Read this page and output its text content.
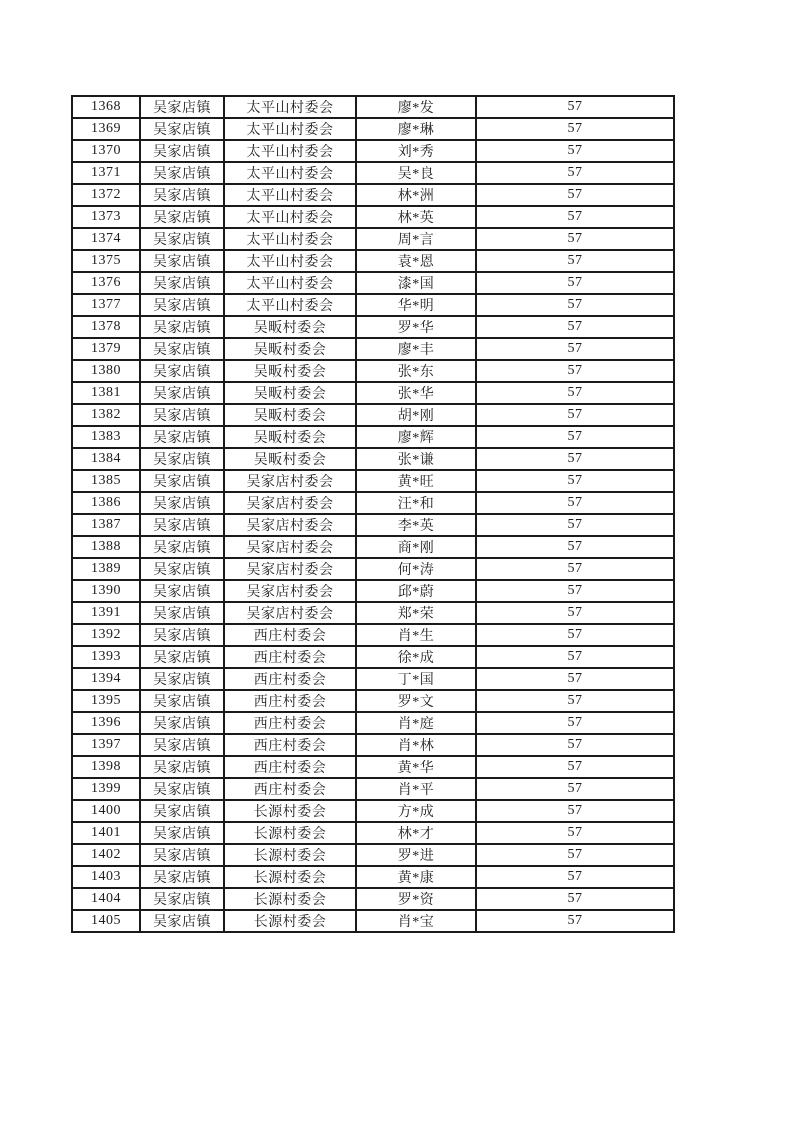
1368	吴家店镇	太平山村委会	廖*发	57
1369	吴家店镇	太平山村委会	廖*琳	57
1370	吴家店镇	太平山村委会	刘*秀	57
1371	吴家店镇	太平山村委会	吴*良	57
1372	吴家店镇	太平山村委会	林*洲	57
1373	吴家店镇	太平山村委会	林*英	57
1374	吴家店镇	太平山村委会	周*言	57
1375	吴家店镇	太平山村委会	袁*恩	57
1376	吴家店镇	太平山村委会	漆*国	57
1377	吴家店镇	太平山村委会	华*明	57
1378	吴家店镇	吴畈村委会	罗*华	57
1379	吴家店镇	吴畈村委会	廖*丰	57
1380	吴家店镇	吴畈村委会	张*东	57
1381	吴家店镇	吴畈村委会	张*华	57
1382	吴家店镇	吴畈村委会	胡*刚	57
1383	吴家店镇	吴畈村委会	廖*辉	57
1384	吴家店镇	吴畈村委会	张*谦	57
1385	吴家店镇	吴家店村委会	黄*旺	57
1386	吴家店镇	吴家店村委会	汪*和	57
1387	吴家店镇	吴家店村委会	李*英	57
1388	吴家店镇	吴家店村委会	商*刚	57
1389	吴家店镇	吴家店村委会	何*涛	57
1390	吴家店镇	吴家店村委会	邱*蔚	57
1391	吴家店镇	吴家店村委会	郑*荣	57
1392	吴家店镇	西庄村委会	肖*生	57
1393	吴家店镇	西庄村委会	徐*成	57
1394	吴家店镇	西庄村委会	丁*国	57
1395	吴家店镇	西庄村委会	罗*文	57
1396	吴家店镇	西庄村委会	肖*庭	57
1397	吴家店镇	西庄村委会	肖*林	57
1398	吴家店镇	西庄村委会	黄*华	57
1399	吴家店镇	西庄村委会	肖*平	57
1400	吴家店镇	长源村委会	方*成	57
1401	吴家店镇	长源村委会	林*才	57
1402	吴家店镇	长源村委会	罗*进	57
1403	吴家店镇	长源村委会	黄*康	57
1404	吴家店镇	长源村委会	罗*资	57
1405	吴家店镇	长源村委会	肖*宝	57
